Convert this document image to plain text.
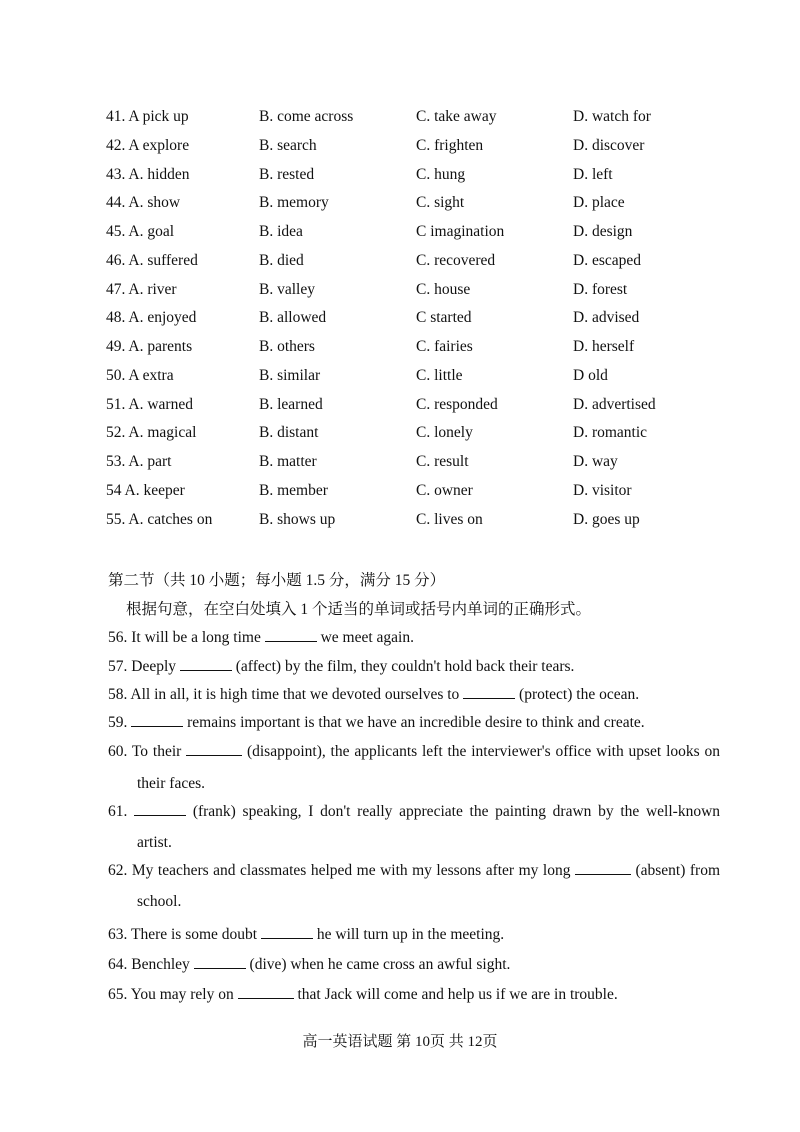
41. A pick up	B. come across	C. take away	D. watch for
42. A explore	B. search	C. frighten	D. discover
43. A. hidden	B. rested	C. hung	D. left
44. A. show	B. memory	C. sight	D. place
45. A. goal	B. idea	C imagination	D. design
46. A. suffered	B. died	C. recovered	D. escaped
47. A. river	B. valley	C. house	D. forest
48. A. enjoyed	B. allowed	C started	D. advised
49. A. parents	B. others	C. fairies	D. herself
50. A extra	B. similar	C. little	D old
51. A. warned	B. learned	C. responded	D. advertised
52. A. magical	B. distant	C. lonely	D. romantic
53. A. part	B. matter	C. result	D. way
54 A. keeper	B. member	C. owner	D. visitor
55. A. catches on	B. shows up	C. lives on	D. goes up
第二节（共 10 小题；每小题 1.5 分，满分 15 分）
根据句意，在空白处填入 1 个适当的单词或括号内单词的正确形式。
56. It will be a long time	we meet again.
57. Deeply	(affect) by the film, they couldn't hold back their tears.
58. All in all, it is high time that we devoted ourselves to	(protect) the ocean.
59.	remains important is that we have an incredible desire to think and create.
60. To their	(disappoint), the applicants left the interviewer's office with upset looks on
their faces.
61.	(frank) speaking, I don't really appreciate the painting drawn by the well-known
artist.
62. My teachers and classmates helped me with my lessons after my long	(absent) from
school.
63. There is some doubt	he will turn up in the meeting.
64. Benchley	(dive) when he came cross an awful sight.
65. You may rely on	that Jack will come and help us if we are in trouble.
高一英语试题 第 10页 共 12页
